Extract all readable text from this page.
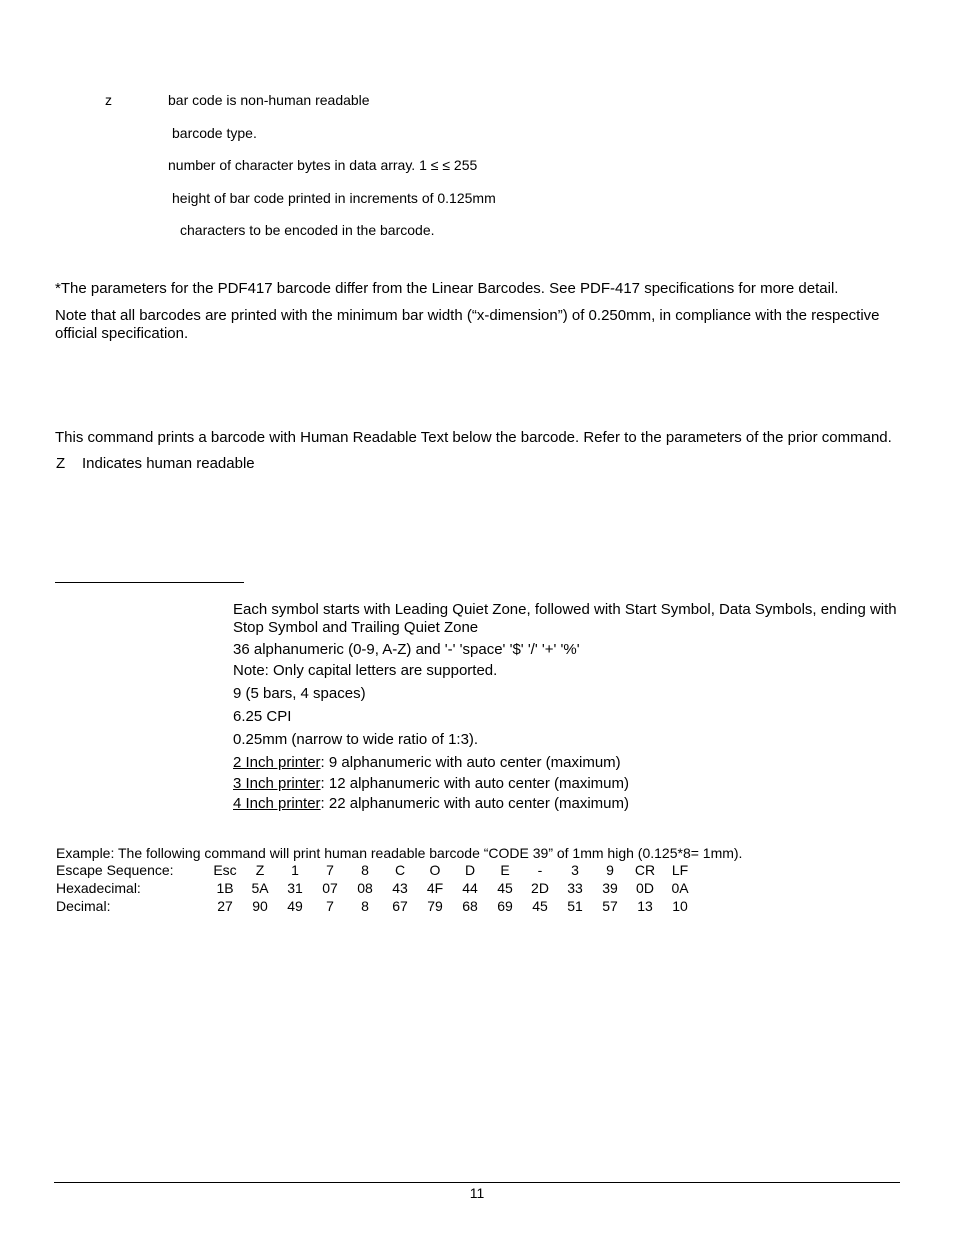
z	bar code is non-human readable
barcode type.
number of character bytes in data array. 1 ≤ ≤ 255
height of bar code printed in increments of 0.125mm
characters to be encoded in the barcode.
*The parameters for the PDF417 barcode differ from the Linear Barcodes. See PDF-417 specifications for more detail.
Note that all barcodes are printed with the minimum bar width (“x-dimension”) of 0.250mm, in compliance with the respective official specification.
This command prints a barcode with Human Readable Text below the barcode. Refer to the parameters of the prior command.
Z Indicates human readable
Each symbol starts with Leading Quiet Zone, followed with Start Symbol, Data Symbols, ending with Stop Symbol and Trailing Quiet Zone
36 alphanumeric (0-9, A-Z) and '-' 'space' '$' '/' '+' '%'
Note: Only capital letters are supported.
9 (5 bars, 4 spaces)
6.25 CPI
0.25mm (narrow to wide ratio of 1:3).
2 Inch printer: 9 alphanumeric with auto center (maximum)
3 Inch printer: 12 alphanumeric with auto center (maximum)
4 Inch printer: 22 alphanumeric with auto center (maximum)
Example: The following command will print human readable barcode “CODE 39” of 1mm high (0.125*8= 1mm).
Escape Sequence:	Esc	Z	1	7	8	C	O	D	E	-	3	9	CR	LF
Hexadecimal:	1B	5A	31	07	08	43	4F	44	45	2D	33	39	0D	0A
Decimal:	27	90	49	7	8	67	79	68	69	45	51	57	13	10
11
